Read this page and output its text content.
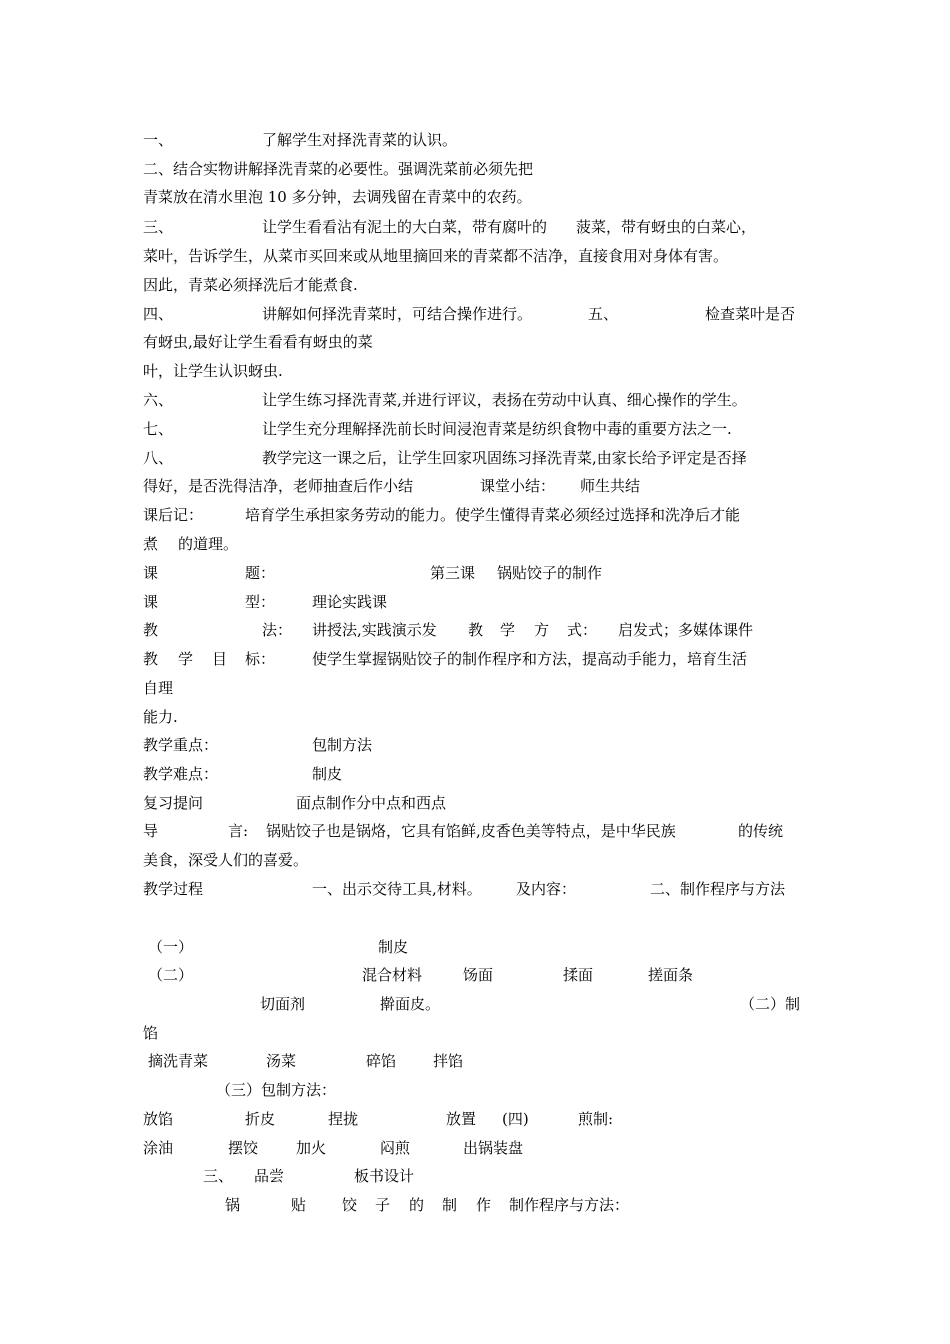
一、	了解学生对择洗青菜的认识。
二、结合实物讲解择洗青菜的必要性。强调洗菜前必须先把
青菜放在清水里泡 10 多分钟，去调残留在青菜中的农药。
三、	让学生看看沾有泥土的大白菜，带有腐叶的 菠菜，带有蚜虫的白菜心，
菜叶，告诉学生，从菜市买回来或从地里摘回来的青菜都不洁净，直接食用对身体有害。
因此，青菜必须择洗后才能煮食.
四、	讲解如何择洗青菜时，可结合操作进行。	五、	检查菜叶是否
有蚜虫,最好让学生看看有蚜虫的菜
叶，让学生认识蚜虫.
六、	让学生练习择洗青菜,并进行评议，表扬在劳动中认真、细心操作的学生。
七、	让学生充分理解择洗前长时间浸泡青菜是纺织食物中毒的重要方法之一.
八、	教学完这一课之后，让学生回家巩固练习择洗青菜,由家长给予评定是否择
得好，是否洗得洁净，老师抽查后作小结	课堂小结： 师生共结
课后记：	培育学生承担家务劳动的能力。使学生懂得青菜必须经过选择和洗净后才能
煮 的道理。
课	题：	第三课 锅贴饺子的制作
课	型： 理论实践课
教	法： 讲授法,实践演示发 教 学 方 式： 启发式；多媒体课件
教 学 目 标： 使学生掌握锅贴饺子的制作程序和方法，提高动手能力，培育生活
自理
能力.
教学重点：	包制方法
教学难点：	制皮
复习提问	面点制作分中点和西点
导	言: 锅贴饺子也是锅烙，它具有馅鲜,皮香色美等特点，是中华民族	的传统
美食，深受人们的喜爱。
教学过程	一、出示交待工具,材料。 及内容：	二、制作程序与方法
（一）	制皮
（二）	混合材料	饧面	揉面	搓面条
切面剂	擀面皮。	（二）制
馅
摘洗青菜	汤菜	碎馅 拌馅
（三）包制方法：
放馅	折皮	捏拢	放置 (四)	煎制:
涂油	摆饺	加火	闷煎	出锅装盘
三、 品尝	板书设计
锅	贴 饺 子 的 制 作 制作程序与方法：
